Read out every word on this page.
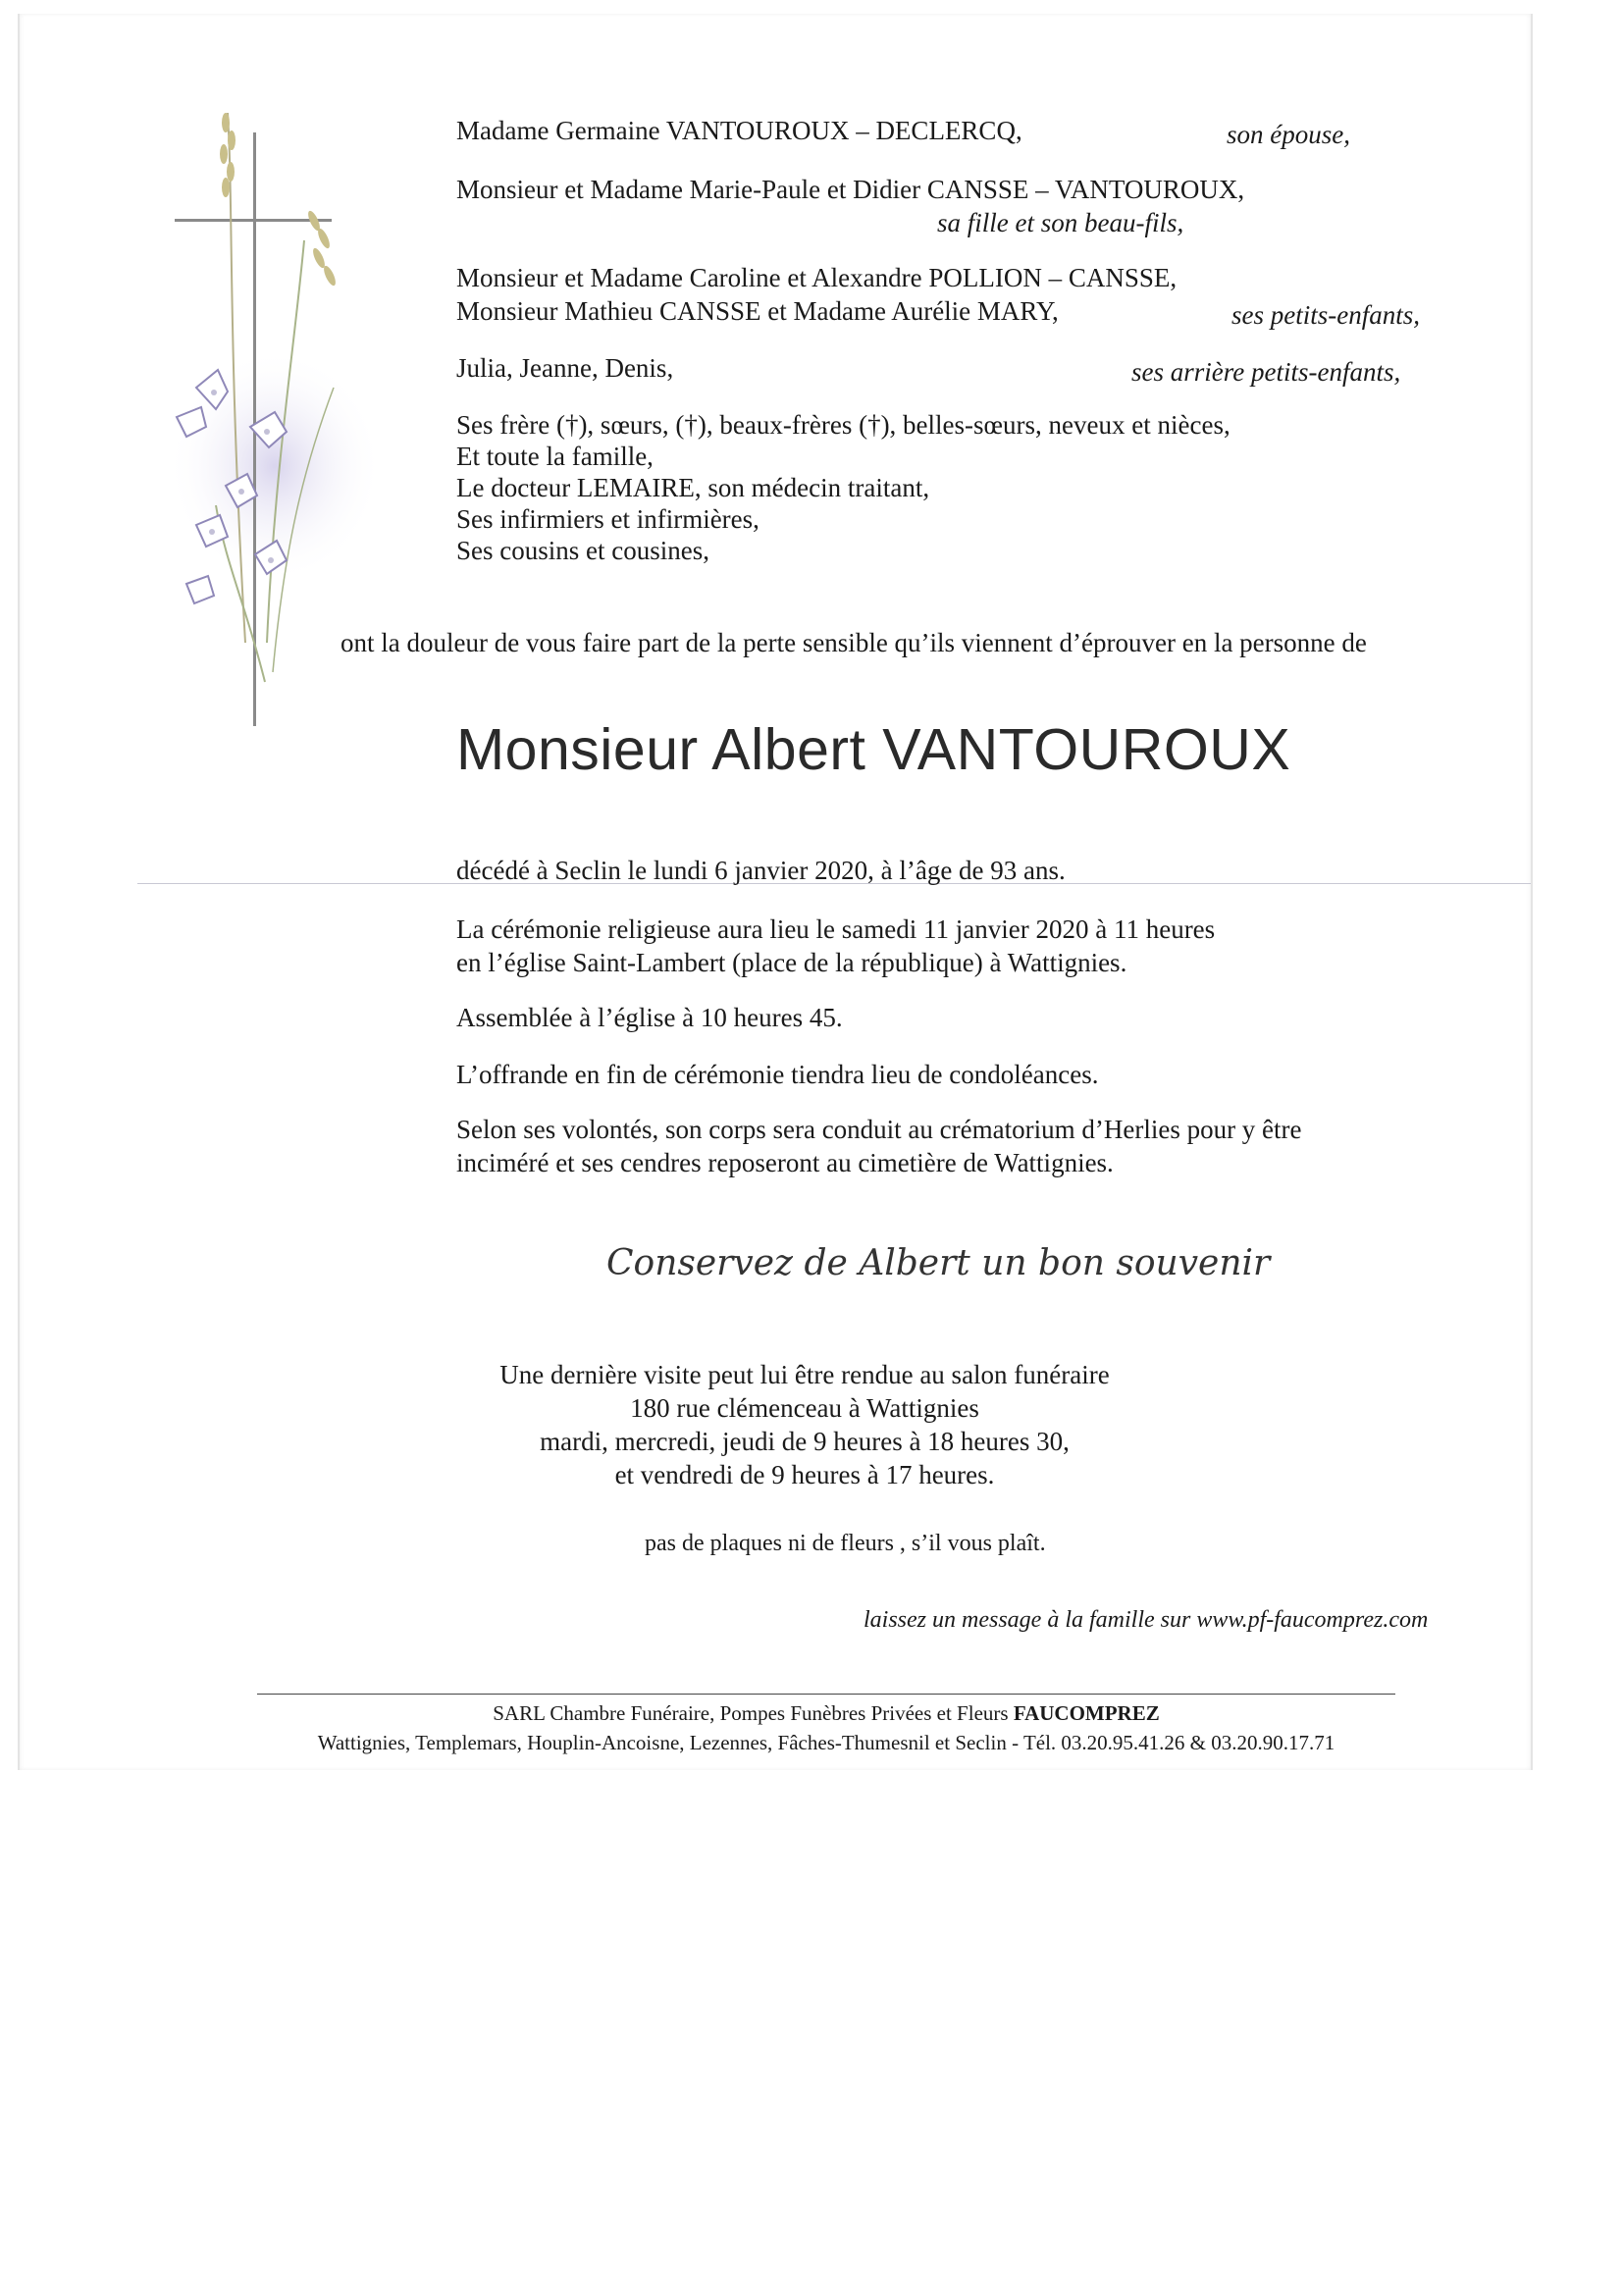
Madame Germaine VANTOUROUX – DECLERCQ,	son épouse,
Monsieur et Madame Marie-Paule et Didier CANSSE – VANTOUROUX,
sa fille et son beau-fils,
Monsieur et Madame Caroline et Alexandre POLLION – CANSSE,
Monsieur Mathieu CANSSE et Madame Aurélie MARY,	ses petits-enfants,
Julia, Jeanne, Denis,	ses arrière petits-enfants,
Ses frère (†), sœurs, (†), beaux-frères (†), belles-sœurs, neveux et nièces,
Et toute la famille,
Le docteur LEMAIRE, son médecin traitant,
Ses infirmiers et infirmières,
Ses cousins et cousines,
ont la douleur de vous faire part de la perte sensible qu’ils viennent d’éprouver en la personne de
Monsieur Albert VANTOUROUX
décédé à Seclin le lundi 6 janvier 2020, à l’âge de 93 ans.
La cérémonie religieuse aura lieu le samedi 11 janvier 2020 à 11 heures
en l’église Saint-Lambert (place de la république) à Wattignies.
Assemblée à l’église à 10 heures 45.
L’offrande en fin de cérémonie tiendra lieu de condoléances.
Selon ses volontés, son corps sera conduit au crématorium d’Herlies pour y être
inciméré et ses cendres reposeront au cimetière de Wattignies.
Conservez de Albert un bon souvenir
Une dernière visite peut lui être rendue au salon funéraire
180 rue clémenceau à Wattignies
mardi, mercredi, jeudi de 9 heures à 18 heures 30,
et vendredi de 9 heures à 17 heures.
pas de plaques ni de fleurs , s’il vous plaît.
laissez un message à la famille sur www.pf-faucomprez.com
SARL Chambre Funéraire, Pompes Funèbres Privées et Fleurs FAUCOMPREZ
Wattignies, Templemars, Houplin-Ancoisne, Lezennes, Fâches-Thumesnil et Seclin - Tél. 03.20.95.41.26 & 03.20.90.17.71
